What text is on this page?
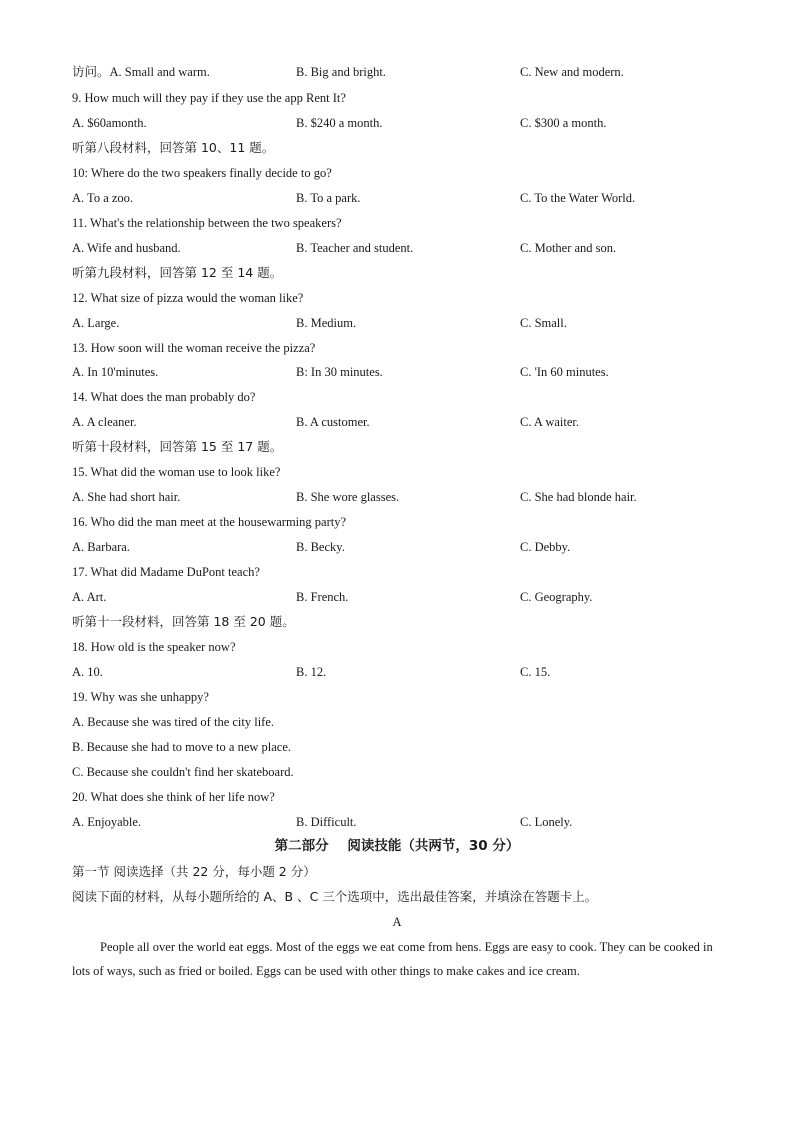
访问。A. Small and warm.	B. Big and bright.	C. New and modern.
9. How much will they pay if they use the app Rent It?
A. $60amonth.	B. $240 a month.	C. $300 a month.
听第八段材料，回答第 10、11 题。
10: Where do the two speakers finally decide to go?
A. To a zoo.	B. To a park.	C. To the Water World.
11. What's the relationship between the two speakers?
A. Wife and husband.	B. Teacher and student.	C. Mother and son.
听第九段材料，回答第 12 至 14 题。
12. What size of pizza would the woman like?
A. Large.	B. Medium.	C. Small.
13. How soon will the woman receive the pizza?
A. In 10'minutes.	B: In 30 minutes.	C. 'In 60 minutes.
14. What does the man probably do?
A. A cleaner.	B. A customer.	C. A waiter.
听第十段材料，回答第 15 至 17 题。
15. What did the woman use to look like?
A. She had short hair.	B. She wore glasses.	C. She had blonde hair.
16. Who did the man meet at the housewarming party?
A. Barbara.	B. Becky.	C. Debby.
17. What did Madame DuPont teach?
A. Art.	B. French.	C. Geography.
听第十一段材料，回答第 18 至 20 题。
18. How old is the speaker now?
A. 10.	B. 12.	C. 15.
19. Why was she unhappy?
A. Because she was tired of the city life.
B. Because she had to move to a new place.
C. Because she couldn't find her skateboard.
20. What does she think of her life now?
A. Enjoyable.	B. Difficult.	C. Lonely.
第二部分    阅读技能（共两节，30 分）
第一节 阅读选择（共 22 分，每小题 2 分）
阅读下面的材料，从每小题所给的 A、B 、C 三个选项中，选出最佳答案，并填涂在答题卡上。
A
People all over the world eat eggs. Most of the eggs we eat come from hens. Eggs are easy to cook. They can be cooked in lots of ways, such as fried or boiled. Eggs can be used with other things to make cakes and ice cream.
